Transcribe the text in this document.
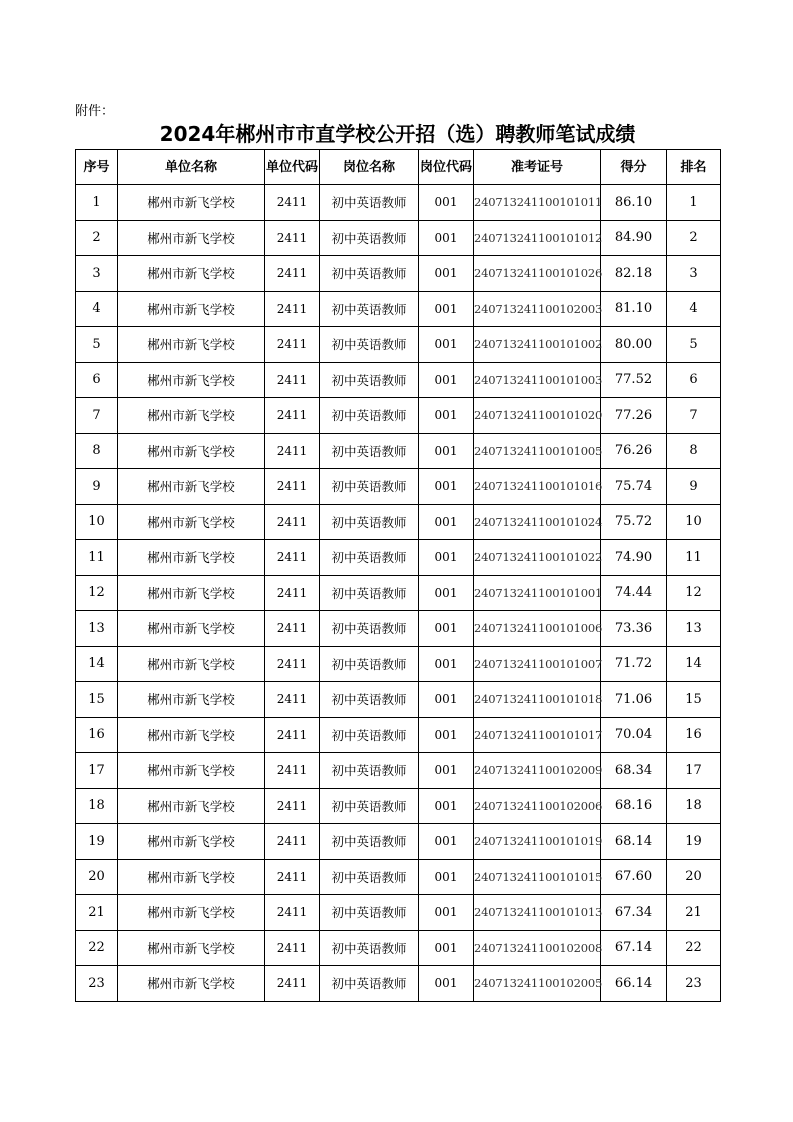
附件：
2024年郴州市市直学校公开招（选）聘教师笔试成绩
序号	单位名称	单位代码	岗位名称	岗位代码	准考证号	得分	排名
1	郴州市新飞学校	2411	初中英语教师	001	240713241100101011	86.10	1
2	郴州市新飞学校	2411	初中英语教师	001	240713241100101012	84.90	2
3	郴州市新飞学校	2411	初中英语教师	001	240713241100101026	82.18	3
4	郴州市新飞学校	2411	初中英语教师	001	240713241100102003	81.10	4
5	郴州市新飞学校	2411	初中英语教师	001	240713241100101002	80.00	5
6	郴州市新飞学校	2411	初中英语教师	001	240713241100101003	77.52	6
7	郴州市新飞学校	2411	初中英语教师	001	240713241100101020	77.26	7
8	郴州市新飞学校	2411	初中英语教师	001	240713241100101005	76.26	8
9	郴州市新飞学校	2411	初中英语教师	001	240713241100101016	75.74	9
10	郴州市新飞学校	2411	初中英语教师	001	240713241100101024	75.72	10
11	郴州市新飞学校	2411	初中英语教师	001	240713241100101022	74.90	11
12	郴州市新飞学校	2411	初中英语教师	001	240713241100101001	74.44	12
13	郴州市新飞学校	2411	初中英语教师	001	240713241100101006	73.36	13
14	郴州市新飞学校	2411	初中英语教师	001	240713241100101007	71.72	14
15	郴州市新飞学校	2411	初中英语教师	001	240713241100101018	71.06	15
16	郴州市新飞学校	2411	初中英语教师	001	240713241100101017	70.04	16
17	郴州市新飞学校	2411	初中英语教师	001	240713241100102009	68.34	17
18	郴州市新飞学校	2411	初中英语教师	001	240713241100102006	68.16	18
19	郴州市新飞学校	2411	初中英语教师	001	240713241100101019	68.14	19
20	郴州市新飞学校	2411	初中英语教师	001	240713241100101015	67.60	20
21	郴州市新飞学校	2411	初中英语教师	001	240713241100101013	67.34	21
22	郴州市新飞学校	2411	初中英语教师	001	240713241100102008	67.14	22
23	郴州市新飞学校	2411	初中英语教师	001	240713241100102005	66.14	23
